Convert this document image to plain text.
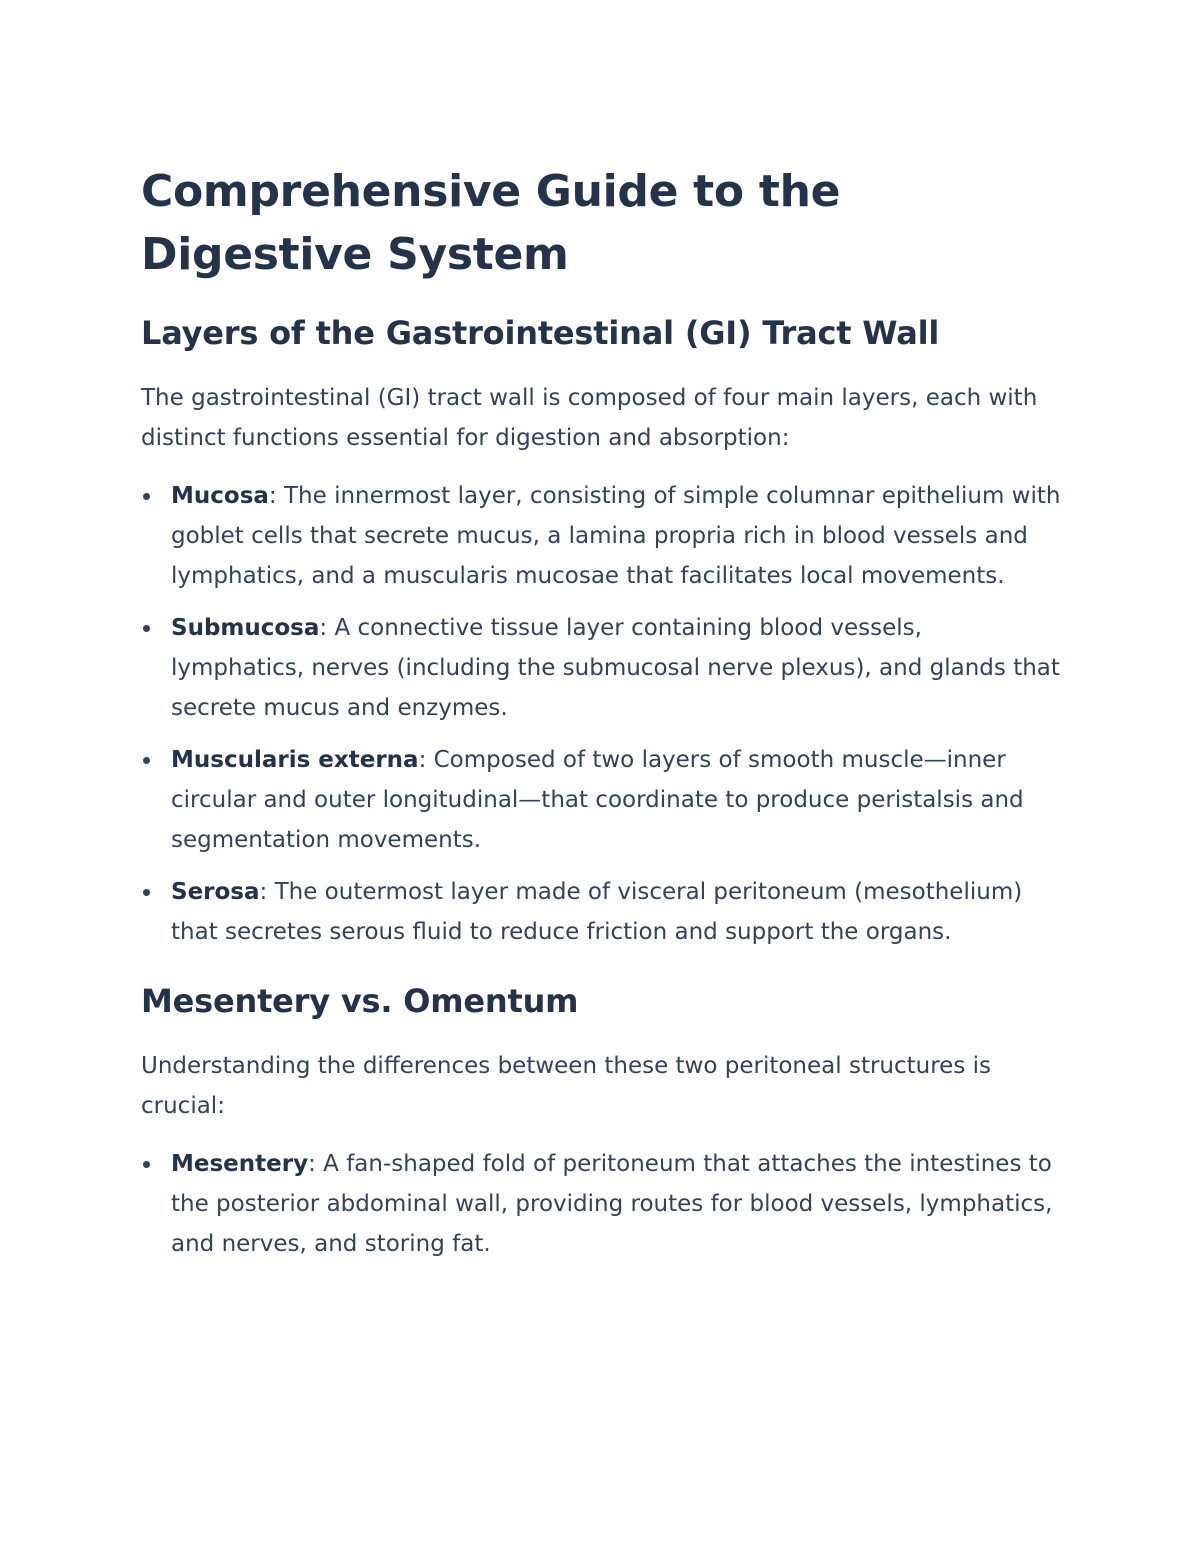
Comprehensive Guide to the Digestive System
Layers of the Gastrointestinal (GI) Tract Wall

The gastrointestinal (GI) tract wall is composed of four main layers, each with distinct functions essential for digestion and absorption:

Mucosa: The innermost layer, consisting of simple columnar epithelium with goblet cells that secrete mucus, a lamina propria rich in blood vessels and lymphatics, and a muscularis mucosae that facilitates local movements.
Submucosa: A connective tissue layer containing blood vessels, lymphatics, nerves (including the submucosal nerve plexus), and glands that secrete mucus and enzymes.
Muscularis externa: Composed of two layers of smooth muscle—inner circular and outer longitudinal—that coordinate to produce peristalsis and segmentation movements.
Serosa: The outermost layer made of visceral peritoneum (mesothelium) that secretes serous fluid to reduce friction and support the organs.
Mesentery vs. Omentum

Understanding the differences between these two peritoneal structures is crucial:

Mesentery: A fan-shaped fold of peritoneum that attaches the intestines to the posterior abdominal wall, providing routes for blood vessels, lymphatics, and nerves, and storing fat.
